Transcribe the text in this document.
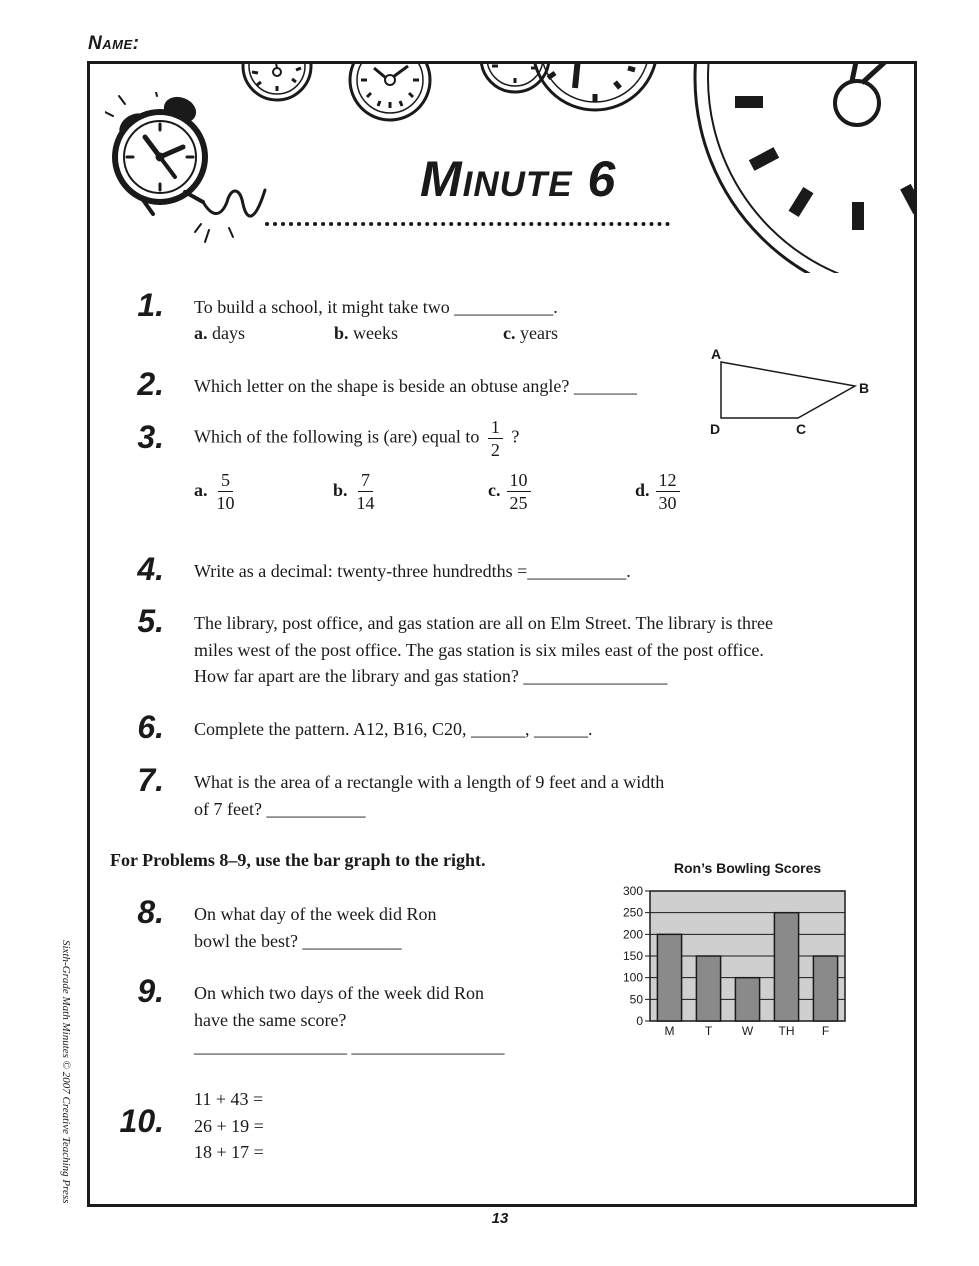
Name:
Minute 6
1. To build a school, it might take two ___________.
a. days	b. weeks	c. years
2. Which letter on the shape is beside an obtuse angle? _______
A
B
C
D
3. Which of the following is (are) equal to $\frac{1}{2}$ ?
a. $\frac{5}{10}$	b. $\frac{7}{14}$	c. $\frac{10}{25}$	d. $\frac{12}{30}$
4. Write as a decimal: twenty-three hundredths =___________.
5. The library, post office, and gas station are all on Elm Street. The library is three
miles west of the post office. The gas station is six miles east of the post office.
How far apart are the library and gas station? ________________
6. Complete the pattern. A12, B16, C20, ______, ______.
7. What is the area of a rectangle with a length of 9 feet and a width
of 7 feet? ___________
For Problems 8–9, use the bar graph to the right.
8. On what day of the week did Ron
bowl the best? ___________
9. On which two days of the week did Ron
have the same score?
_________________ _________________
10.
11 + 43 =
26 + 19 =
18 + 17 =
Ron’s Bowling Scores
300
250
200
150
100
50
0
M	T W TH F
Sixth-Grade Math Minutes © 2007 Creative Teaching Press
13
